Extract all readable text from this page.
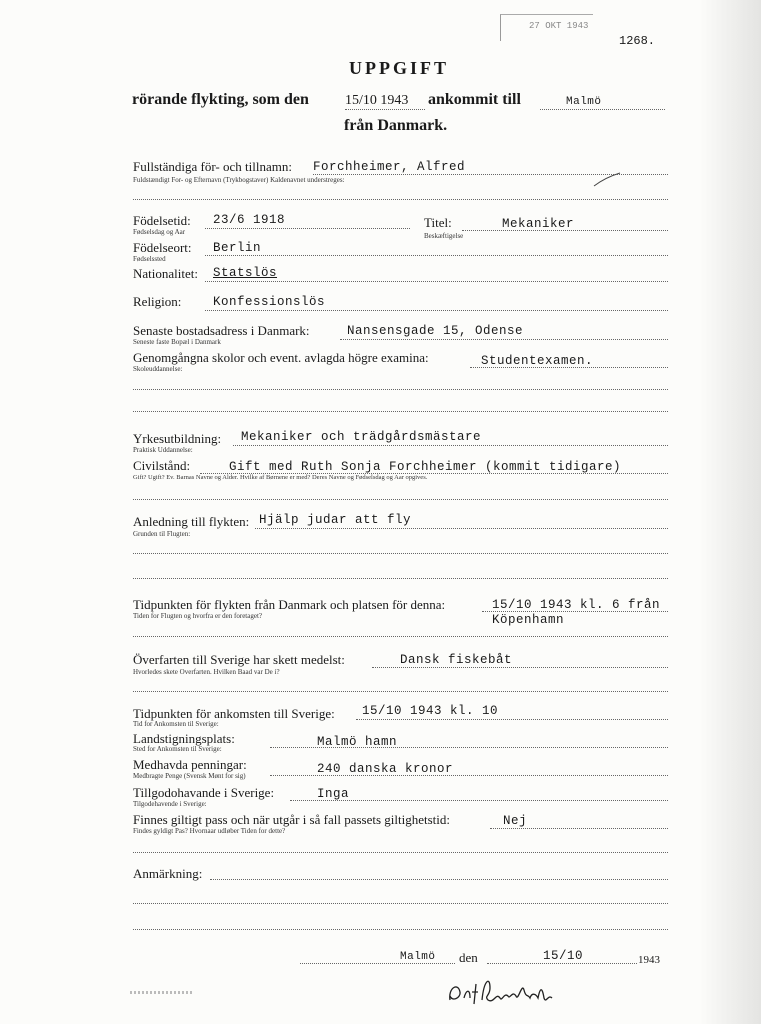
27 OKT 1943
1268.
UPPGIFT
rörande flykting, som den	15/10 1943 ankommit till	Malmö
från Danmark.
Fullständiga för- och tillnamn: Forchheimer, Alfred
Fuldstændigt For- og Efternavn (Trykbogstaver) Kaldenavnet understreges:
Födelsetid: 23/6 1918
Fødselsdag og Aar
Titel:	Mekaniker
Beskæftigelse
Födelseort: Berlin
Fødselssted
Nationalitet: Statslös
Religion:	Konfessionslös
Senaste bostadsadress i Danmark:	Nansensgade 15, Odense
Seneste faste Bopæl i Danmark
Genomgångna skolor och event. avlagda högre examina:	Studentexamen.
Skoleuddannelse:
Yrkesutbildning: Mekaniker och trädgårdsmästare
Praktisk Uddannelse:
Civilstånd:	Gift med Ruth Sonja Forchheimer (kommit tidigare)
Gift? Ugift? Ev. Barnas Navne og Alder. Hvilke af Børnene er med? Deres Navne og Fødselsdag og Aar opgives.
Anledning till flykten: Hjälp judar att fly
Grunden til Flugten:
Tidpunkten för flykten från Danmark och platsen för denna:	15/10 1943 kl. 6 från
Tiden for Flugten og hvorfra er den foretaget?	Köpenhamn
Överfarten till Sverige har skett medelst:	Dansk fiskebåt
Hvorledes skete Overfarten. Hvilken Baad var De i?
Tidpunkten för ankomsten till Sverige: 15/10 1943 kl. 10
Tid for Ankomsten til Sverige:
Landstigningsplats:	Malmö hamn
Sted for Ankomsten til Sverige:
Medhavda penningar:	240 danska kronor
Medbragte Penge (Svensk Mønt for sig)
Tillgodohavande i Sverige:	Inga
Tilgodehavende i Sverige:
Finnes giltigt pass och när utgår i så fall passets giltighetstid:	Nej
Findes gyldigt Pas? Hvornaar udløber Tiden for dette?
Anmärkning:
Malmö den	15/10	1943
